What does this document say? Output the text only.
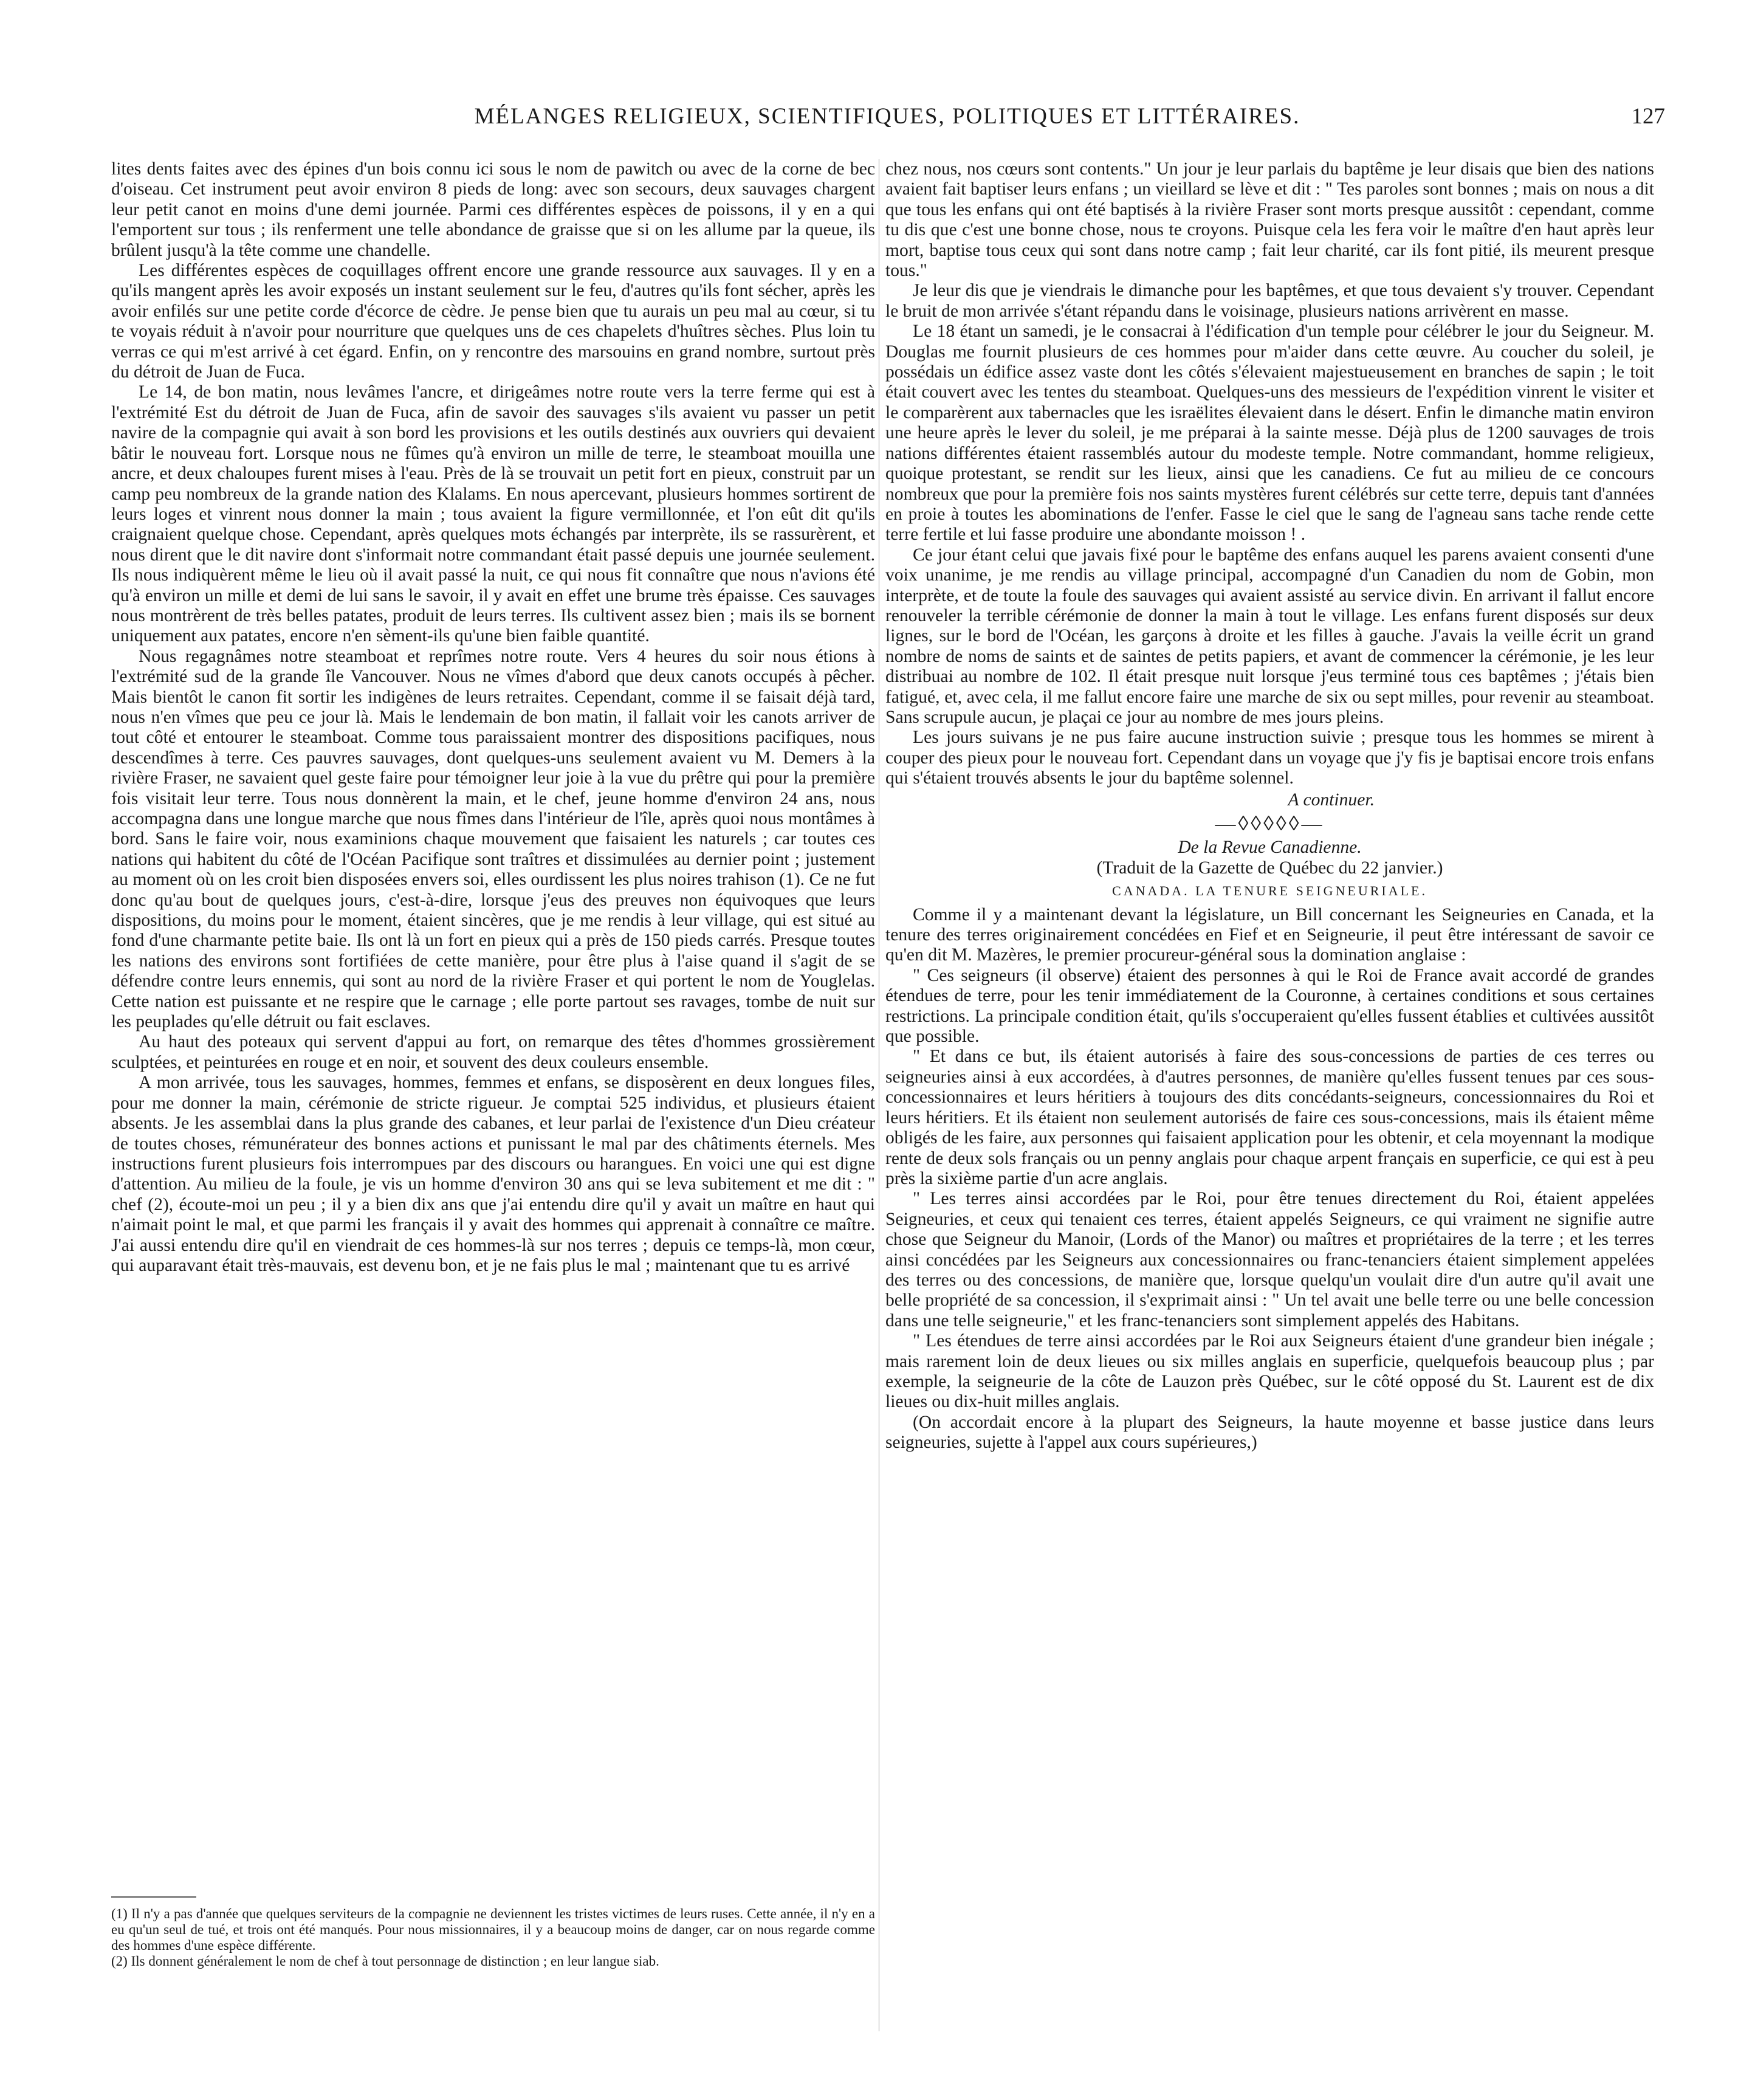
MÉLANGES RELIGIEUX, SCIENTIFIQUES, POLITIQUES ET LITTÉRAIRES.	127

lites dents faites avec des épines d'un bois connu ici sous le nom de pawitch ou avec de la corne de bec d'oiseau. Cet instrument peut avoir environ 8 pieds de long: avec son secours, deux sauvages chargent leur petit canot en moins d'une demi journée. Parmi ces différentes espèces de poissons, il y en a qui l'emportent sur tous ; ils renferment une telle abondance de graisse que si on les allume par la queue, ils brûlent jusqu'à la tête comme une chandelle.

Les différentes espèces de coquillages offrent encore une grande ressource aux sauvages. Il y en a qu'ils mangent après les avoir exposés un instant seulement sur le feu, d'autres qu'ils font sécher, après les avoir enfilés sur une petite corde d'écorce de cèdre. Je pense bien que tu aurais un peu mal au cœur, si tu te voyais réduit à n'avoir pour nourriture que quelques uns de ces chapelets d'huîtres sèches. Plus loin tu verras ce qui m'est arrivé à cet égard. Enfin, on y rencontre des marsouins en grand nombre, surtout près du détroit de Juan de Fuca.

Le 14, de bon matin, nous levâmes l'ancre, et dirigeâmes notre route vers la terre ferme qui est à l'extrémité Est du détroit de Juan de Fuca, afin de savoir des sauvages s'ils avaient vu passer un petit navire de la compagnie qui avait à son bord les provisions et les outils destinés aux ouvriers qui devaient bâtir le nouveau fort. Lorsque nous ne fûmes qu'à environ un mille de terre, le steamboat mouilla une ancre, et deux chaloupes furent mises à l'eau. Près de là se trouvait un petit fort en pieux, construit par un camp peu nombreux de la grande nation des Klalams. En nous apercevant, plusieurs hommes sortirent de leurs loges et vinrent nous donner la main ; tous avaient la figure vermillonnée, et l'on eût dit qu'ils craignaient quelque chose. Cependant, après quelques mots échangés par interprète, ils se rassurèrent, et nous dirent que le dit navire dont s'informait notre commandant était passé depuis une journée seulement. Ils nous indiquèrent même le lieu où il avait passé la nuit, ce qui nous fit connaître que nous n'avions été qu'à environ un mille et demi de lui sans le savoir, il y avait en effet une brume très épaisse. Ces sauvages nous montrèrent de très belles patates, produit de leurs terres. Ils cultivent assez bien ; mais ils se bornent uniquement aux patates, encore n'en sèment-ils qu'une bien faible quantité.

Nous regagnâmes notre steamboat et reprîmes notre route. Vers 4 heures du soir nous étions à l'extrémité sud de la grande île Vancouver. Nous ne vîmes d'abord que deux canots occupés à pêcher. Mais bientôt le canon fit sortir les indigènes de leurs retraites. Cependant, comme il se faisait déjà tard, nous n'en vîmes que peu ce jour là. Mais le lendemain de bon matin, il fallait voir les canots arriver de tout côté et entourer le steamboat. Comme tous paraissaient montrer des dispositions pacifiques, nous descendîmes à terre. Ces pauvres sauvages, dont quelques-uns seulement avaient vu M. Demers à la rivière Fraser, ne savaient quel geste faire pour témoigner leur joie à la vue du prêtre qui pour la première fois visitait leur terre. Tous nous donnèrent la main, et le chef, jeune homme d'environ 24 ans, nous accompagna dans une longue marche que nous fîmes dans l'intérieur de l'île, après quoi nous montâmes à bord. Sans le faire voir, nous examinions chaque mouvement que faisaient les naturels ; car toutes ces nations qui habitent du côté de l'Océan Pacifique sont traîtres et dissimulées au dernier point ; justement au moment où on les croit bien disposées envers soi, elles ourdissent les plus noires trahison (1). Ce ne fut donc qu'au bout de quelques jours, c'est-à-dire, lorsque j'eus des preuves non équivoques que leurs dispositions, du moins pour le moment, étaient sincères, que je me rendis à leur village, qui est situé au fond d'une charmante petite baie. Ils ont là un fort en pieux qui a près de 150 pieds carrés. Presque toutes les nations des environs sont fortifiées de cette manière, pour être plus à l'aise quand il s'agit de se défendre contre leurs ennemis, qui sont au nord de la rivière Fraser et qui portent le nom de Youglelas. Cette nation est puissante et ne respire que le carnage ; elle porte partout ses ravages, tombe de nuit sur les peuplades qu'elle détruit ou fait esclaves.

Au haut des poteaux qui servent d'appui au fort, on remarque des têtes d'hommes grossièrement sculptées, et peinturées en rouge et en noir, et souvent des deux couleurs ensemble.

A mon arrivée, tous les sauvages, hommes, femmes et enfans, se disposèrent en deux longues files, pour me donner la main, cérémonie de stricte rigueur. Je comptai 525 individus, et plusieurs étaient absents. Je les assemblai dans la plus grande des cabanes, et leur parlai de l'existence d'un Dieu créateur de toutes choses, rémunérateur des bonnes actions et punissant le mal par des châtiments éternels. Mes instructions furent plusieurs fois interrompues par des discours ou harangues. En voici une qui est digne d'attention. Au milieu de la foule, je vis un homme d'environ 30 ans qui se leva subitement et me dit : " chef (2), écoute-moi un peu ; il y a bien dix ans que j'ai entendu dire qu'il y avait un maître en haut qui n'aimait point le mal, et que parmi les français il y avait des hommes qui apprenait à connaître ce maître. J'ai aussi entendu dire qu'il en viendrait de ces hommes-là sur nos terres ; depuis ce temps-là, mon cœur, qui auparavant était très-mauvais, est devenu bon, et je ne fais plus le mal ; maintenant que tu es arrivé

(1) Il n'y a pas d'année que quelques serviteurs de la compagnie ne deviennent les tristes victimes de leurs ruses. Cette année, il n'y en a eu qu'un seul de tué, et trois ont été manqués. Pour nous missionnaires, il y a beaucoup moins de danger, car on nous regarde comme des hommes d'une espèce différente.

(2) Ils donnent généralement le nom de chef à tout personnage de distinction ; en leur langue siab.

chez nous, nos cœurs sont contents." Un jour je leur parlais du baptême je leur disais que bien des nations avaient fait baptiser leurs enfans ; un vieillard se lève et dit : " Tes paroles sont bonnes ; mais on nous a dit que tous les enfans qui ont été baptisés à la rivière Fraser sont morts presque aussitôt : cependant, comme tu dis que c'est une bonne chose, nous te croyons. Puisque cela les fera voir le maître d'en haut après leur mort, baptise tous ceux qui sont dans notre camp ; fait leur charité, car ils font pitié, ils meurent presque tous."

Je leur dis que je viendrais le dimanche pour les baptêmes, et que tous devaient s'y trouver. Cependant le bruit de mon arrivée s'étant répandu dans le voisinage, plusieurs nations arrivèrent en masse.

Le 18 étant un samedi, je le consacrai à l'édification d'un temple pour célébrer le jour du Seigneur. M. Douglas me fournit plusieurs de ces hommes pour m'aider dans cette œuvre. Au coucher du soleil, je possédais un édifice assez vaste dont les côtés s'élevaient majestueusement en branches de sapin ; le toit était couvert avec les tentes du steamboat. Quelques-uns des messieurs de l'expédition vinrent le visiter et le comparèrent aux tabernacles que les israëlites élevaient dans le désert. Enfin le dimanche matin environ une heure après le lever du soleil, je me préparai à la sainte messe. Déjà plus de 1200 sauvages de trois nations différentes étaient rassemblés autour du modeste temple. Notre commandant, homme religieux, quoique protestant, se rendit sur les lieux, ainsi que les canadiens. Ce fut au milieu de ce concours nombreux que pour la première fois nos saints mystères furent célébrés sur cette terre, depuis tant d'années en proie à toutes les abominations de l'enfer. Fasse le ciel que le sang de l'agneau sans tache rende cette terre fertile et lui fasse produire une abondante moisson ! .

Ce jour étant celui que javais fixé pour le baptême des enfans auquel les parens avaient consenti d'une voix unanime, je me rendis au village principal, accompagné d'un Canadien du nom de Gobin, mon interprète, et de toute la foule des sauvages qui avaient assisté au service divin. En arrivant il fallut encore renouveler la terrible cérémonie de donner la main à tout le village. Les enfans furent disposés sur deux lignes, sur le bord de l'Océan, les garçons à droite et les filles à gauche. J'avais la veille écrit un grand nombre de noms de saints et de saintes de petits papiers, et avant de commencer la cérémonie, je les leur distribuai au nombre de 102. Il était presque nuit lorsque j'eus terminé tous ces baptêmes ; j'étais bien fatigué, et, avec cela, il me fallut encore faire une marche de six ou sept milles, pour revenir au steamboat. Sans scrupule aucun, je plaçai ce jour au nombre de mes jours pleins.

Les jours suivans je ne pus faire aucune instruction suivie ; presque tous les hommes se mirent à couper des pieux pour le nouveau fort. Cependant dans un voyage que j'y fis je baptisai encore trois enfans qui s'étaient trouvés absents le jour du baptême solennel.

A continuer.
—◊◊◊◊◊—
De la Revue Canadienne.
(Traduit de la Gazette de Québec du 22 janvier.)
CANADA. LA TENURE SEIGNEURIALE.

Comme il y a maintenant devant la législature, un Bill concernant les Seigneuries en Canada, et la tenure des terres originairement concédées en Fief et en Seigneurie, il peut être intéressant de savoir ce qu'en dit M. Mazères, le premier procureur-général sous la domination anglaise :

" Ces seigneurs (il observe) étaient des personnes à qui le Roi de France avait accordé de grandes étendues de terre, pour les tenir immédiatement de la Couronne, à certaines conditions et sous certaines restrictions. La principale condition était, qu'ils s'occuperaient qu'elles fussent établies et cultivées aussitôt que possible.

" Et dans ce but, ils étaient autorisés à faire des sous-concessions de parties de ces terres ou seigneuries ainsi à eux accordées, à d'autres personnes, de manière qu'elles fussent tenues par ces sous-concessionnaires et leurs héritiers à toujours des dits concédants-seigneurs, concessionnaires du Roi et leurs héritiers. Et ils étaient non seulement autorisés de faire ces sous-concessions, mais ils étaient même obligés de les faire, aux personnes qui faisaient application pour les obtenir, et cela moyennant la modique rente de deux sols français ou un penny anglais pour chaque arpent français en superficie, ce qui est à peu près la sixième partie d'un acre anglais.

" Les terres ainsi accordées par le Roi, pour être tenues directement du Roi, étaient appelées Seigneuries, et ceux qui tenaient ces terres, étaient appelés Seigneurs, ce qui vraiment ne signifie autre chose que Seigneur du Manoir, (Lords of the Manor) ou maîtres et propriétaires de la terre ; et les terres ainsi concédées par les Seigneurs aux concessionnaires ou franc-tenanciers étaient simplement appelées des terres ou des concessions, de manière que, lorsque quelqu'un voulait dire d'un autre qu'il avait une belle propriété de sa concession, il s'exprimait ainsi : " Un tel avait une belle terre ou une belle concession dans une telle seigneurie," et les franc-tenanciers sont simplement appelés des Habitans.

" Les étendues de terre ainsi accordées par le Roi aux Seigneurs étaient d'une grandeur bien inégale ; mais rarement loin de deux lieues ou six milles anglais en superficie, quelquefois beaucoup plus ; par exemple, la seigneurie de la côte de Lauzon près Québec, sur le côté opposé du St. Laurent est de dix lieues ou dix-huit milles anglais.

(On accordait encore à la plupart des Seigneurs, la haute moyenne et basse justice dans leurs seigneuries, sujette à l'appel aux cours supérieures,)
